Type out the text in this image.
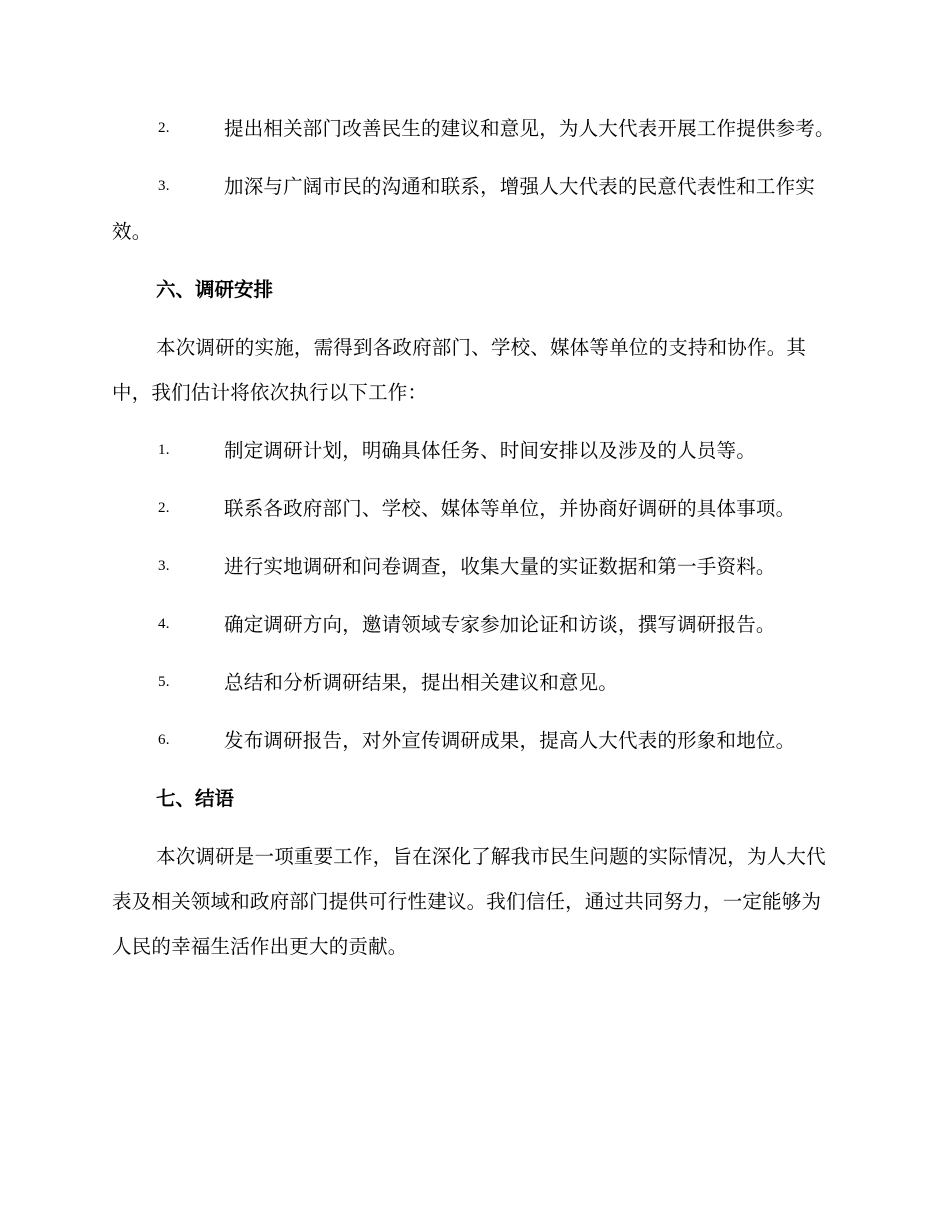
2.	提出相关部门改善民生的建议和意见，为人大代表开展工作提供参考。
3.	加深与广阔市民的沟通和联系，增强人大代表的民意代表性和工作实效。
六、调研安排
本次调研的实施，需得到各政府部门、学校、媒体等单位的支持和协作。其中，我们估计将依次执行以下工作：
1.	制定调研计划，明确具体任务、时间安排以及涉及的人员等。
2.	联系各政府部门、学校、媒体等单位，并协商好调研的具体事项。
3.	进行实地调研和问卷调查，收集大量的实证数据和第一手资料。
4.	确定调研方向，邀请领域专家参加论证和访谈，撰写调研报告。
5.	总结和分析调研结果，提出相关建议和意见。
6.	发布调研报告，对外宣传调研成果，提高人大代表的形象和地位。
七、结语
本次调研是一项重要工作，旨在深化了解我市民生问题的实际情况，为人大代表及相关领域和政府部门提供可行性建议。我们信任，通过共同努力，一定能够为人民的幸福生活作出更大的贡献。
